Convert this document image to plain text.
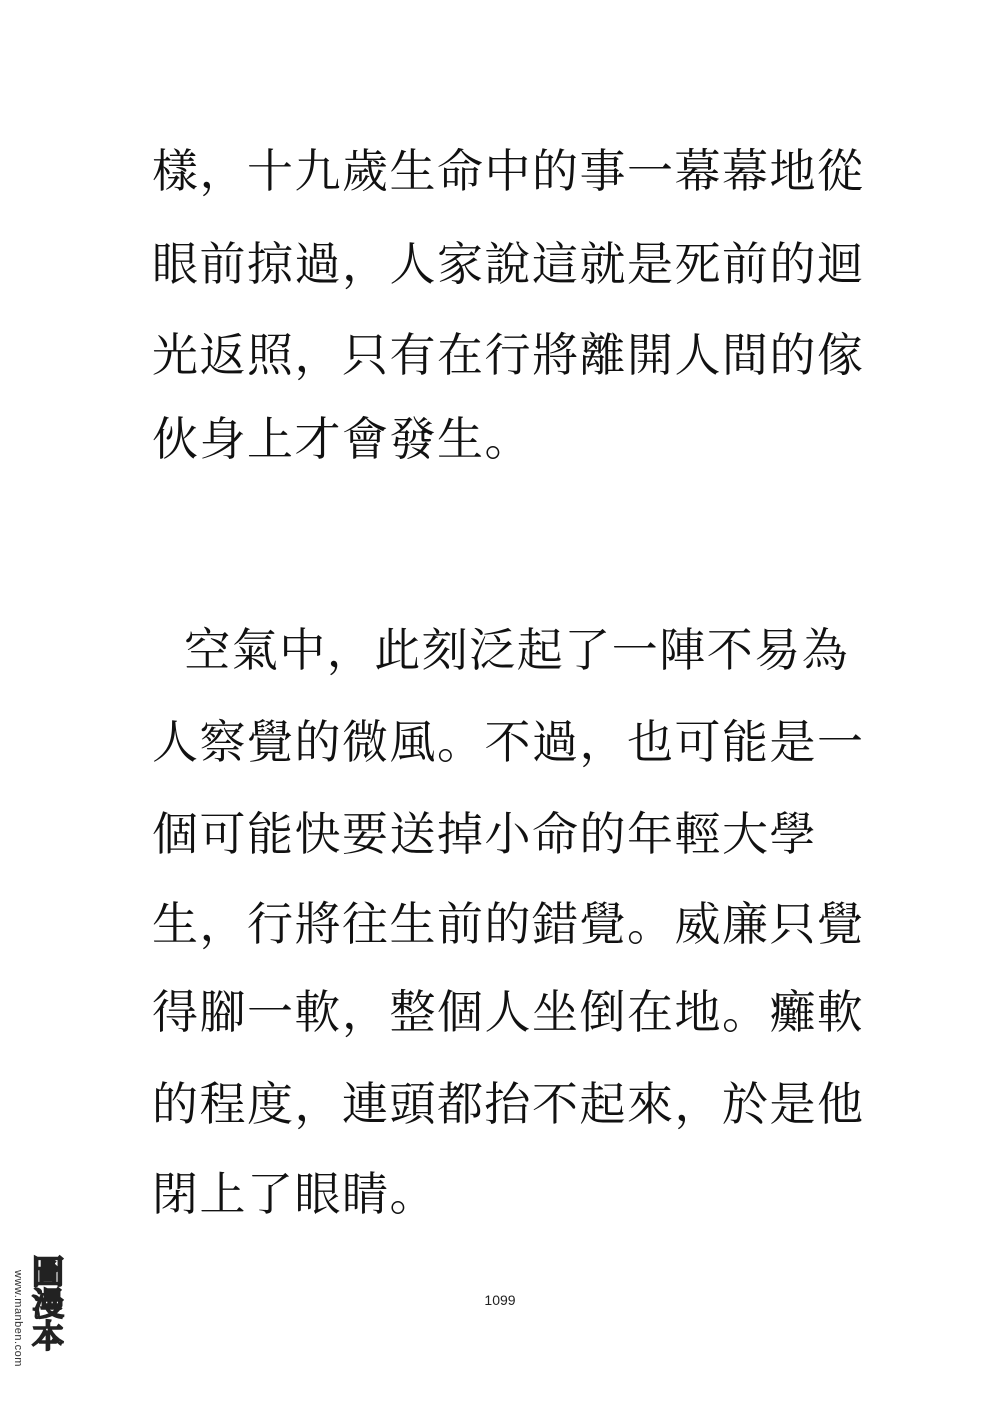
樣，十九歲生命中的事一幕幕地從
眼前掠過，人家說這就是死前的迴
光返照，只有在行將離開人間的傢
伙身上才會發生。
空氣中，此刻泛起了一陣不易為
人察覺的微風。不過，也可能是一
個可能快要送掉小命的年輕大學
生，行將往生前的錯覺。威廉只覺
得腳一軟，整個人坐倒在地。癱軟
的程度，連頭都抬不起來，於是他
閉上了眼睛。
1099
www.manben.com 圖漫本
